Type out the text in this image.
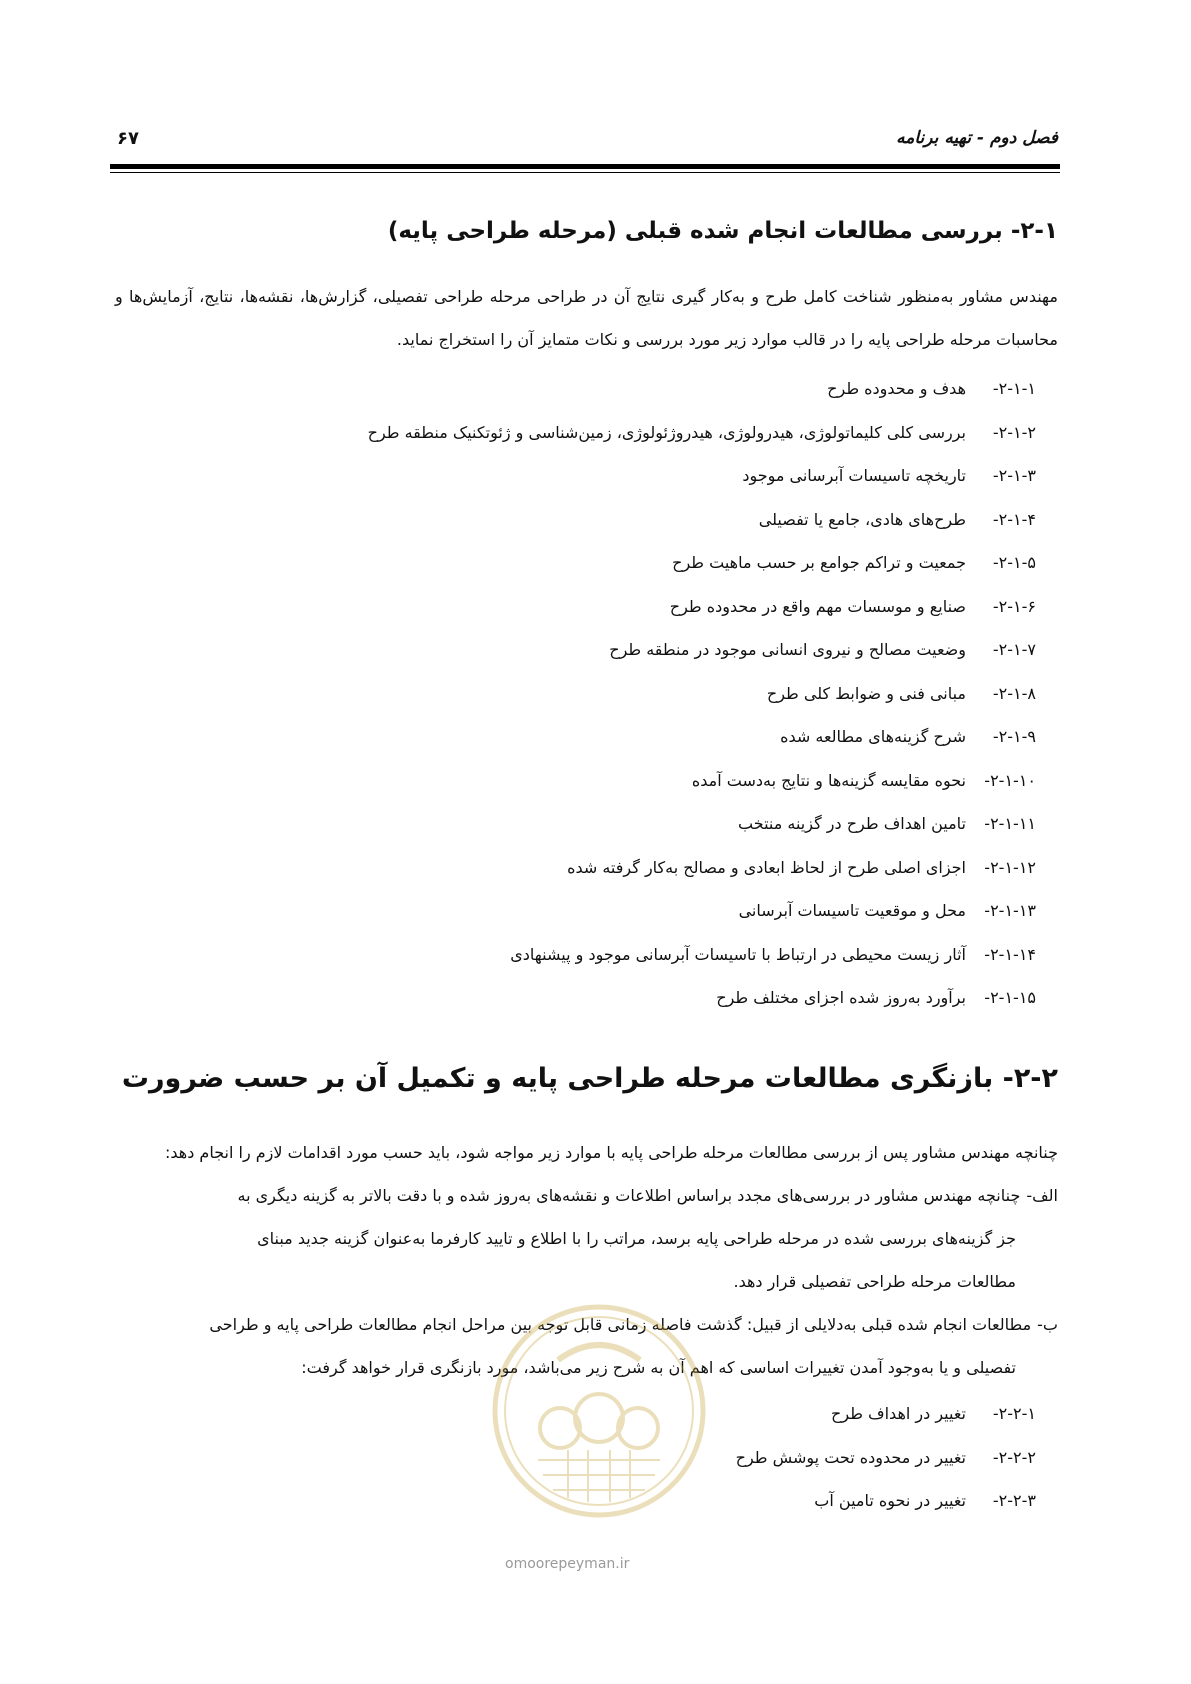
فصل دوم - تهیه برنامه
۶۷
۲-۱- بررسی مطالعات انجام شده قبلی (مرحله طراحی پایه)
مهندس مشاور به‌منظور شناخت کامل طرح و به‌کار گیری نتایج آن در طراحی مرحله طراحی تفصیلی، گزارش‌ها، نقشه‌ها، نتایج، آزمایش‌ها و محاسبات مرحله طراحی پایه را در قالب موارد زیر مورد بررسی و نکات متمایز آن را استخراج نماید.
۲-۱-۱-هدف و محدوده طرح
۲-۱-۲-بررسی کلی کلیماتولوژی، هیدرولوژی، هیدروژئولوژی، زمین‌شناسی و ژئوتکنیک منطقه طرح
۲-۱-۳-تاریخچه تاسیسات آبرسانی موجود
۲-۱-۴-طرح‌های هادی، جامع یا تفصیلی
۲-۱-۵-جمعیت و تراکم جوامع بر حسب ماهیت طرح
۲-۱-۶-صنایع و موسسات مهم واقع در محدوده طرح
۲-۱-۷-وضعیت مصالح و نیروی انسانی موجود در منطقه طرح
۲-۱-۸-مبانی فنی و ضوابط کلی طرح
۲-۱-۹-شرح گزینه‌های مطالعه شده
۲-۱-۱۰-نحوه مقایسه گزینه‌ها و نتایج به‌دست آمده
۲-۱-۱۱-تامین اهداف طرح در گزینه منتخب
۲-۱-۱۲-اجزای اصلی طرح از لحاظ ابعادی و مصالح به‌کار گرفته شده
۲-۱-۱۳-محل و موقعیت تاسیسات آبرسانی
۲-۱-۱۴-آثار زیست محیطی در ارتباط با تاسیسات آبرسانی موجود و پیشنهادی
۲-۱-۱۵-برآورد به‌روز شده اجزای مختلف طرح
۲-۲- بازنگری مطالعات مرحله طراحی پایه و تکمیل آن بر حسب ضرورت
چنانچه مهندس مشاور پس از بررسی مطالعات مرحله طراحی پایه با موارد زیر مواجه شود، باید حسب مورد اقدامات لازم را انجام دهد:
الف-
چنانچه مهندس مشاور در بررسی‌های مجدد براساس اطلاعات و نقشه‌های به‌روز شده و با دقت بالاتر به گزینه دیگری به
جز گزینه‌های بررسی شده در مرحله طراحی پایه برسد، مراتب را با اطلاع و تایید کارفرما به‌عنوان گزینه جدید مبنای
مطالعات مرحله طراحی تفصیلی قرار دهد.
ب-
مطالعات انجام شده قبلی به‌دلایلی از قبیل: گذشت فاصله زمانی قابل توجه بین مراحل انجام مطالعات طراحی پایه و طراحی
تفصیلی و یا به‌وجود آمدن تغییرات اساسی که اهم آن به شرح زیر می‌باشد، مورد بازنگری قرار خواهد گرفت:
۲-۲-۱-تغییر در اهداف طرح
۲-۲-۲-تغییر در محدوده تحت پوشش طرح
۲-۲-۳-تغییر در نحوه تامین آب
omoorepeyman.ir
